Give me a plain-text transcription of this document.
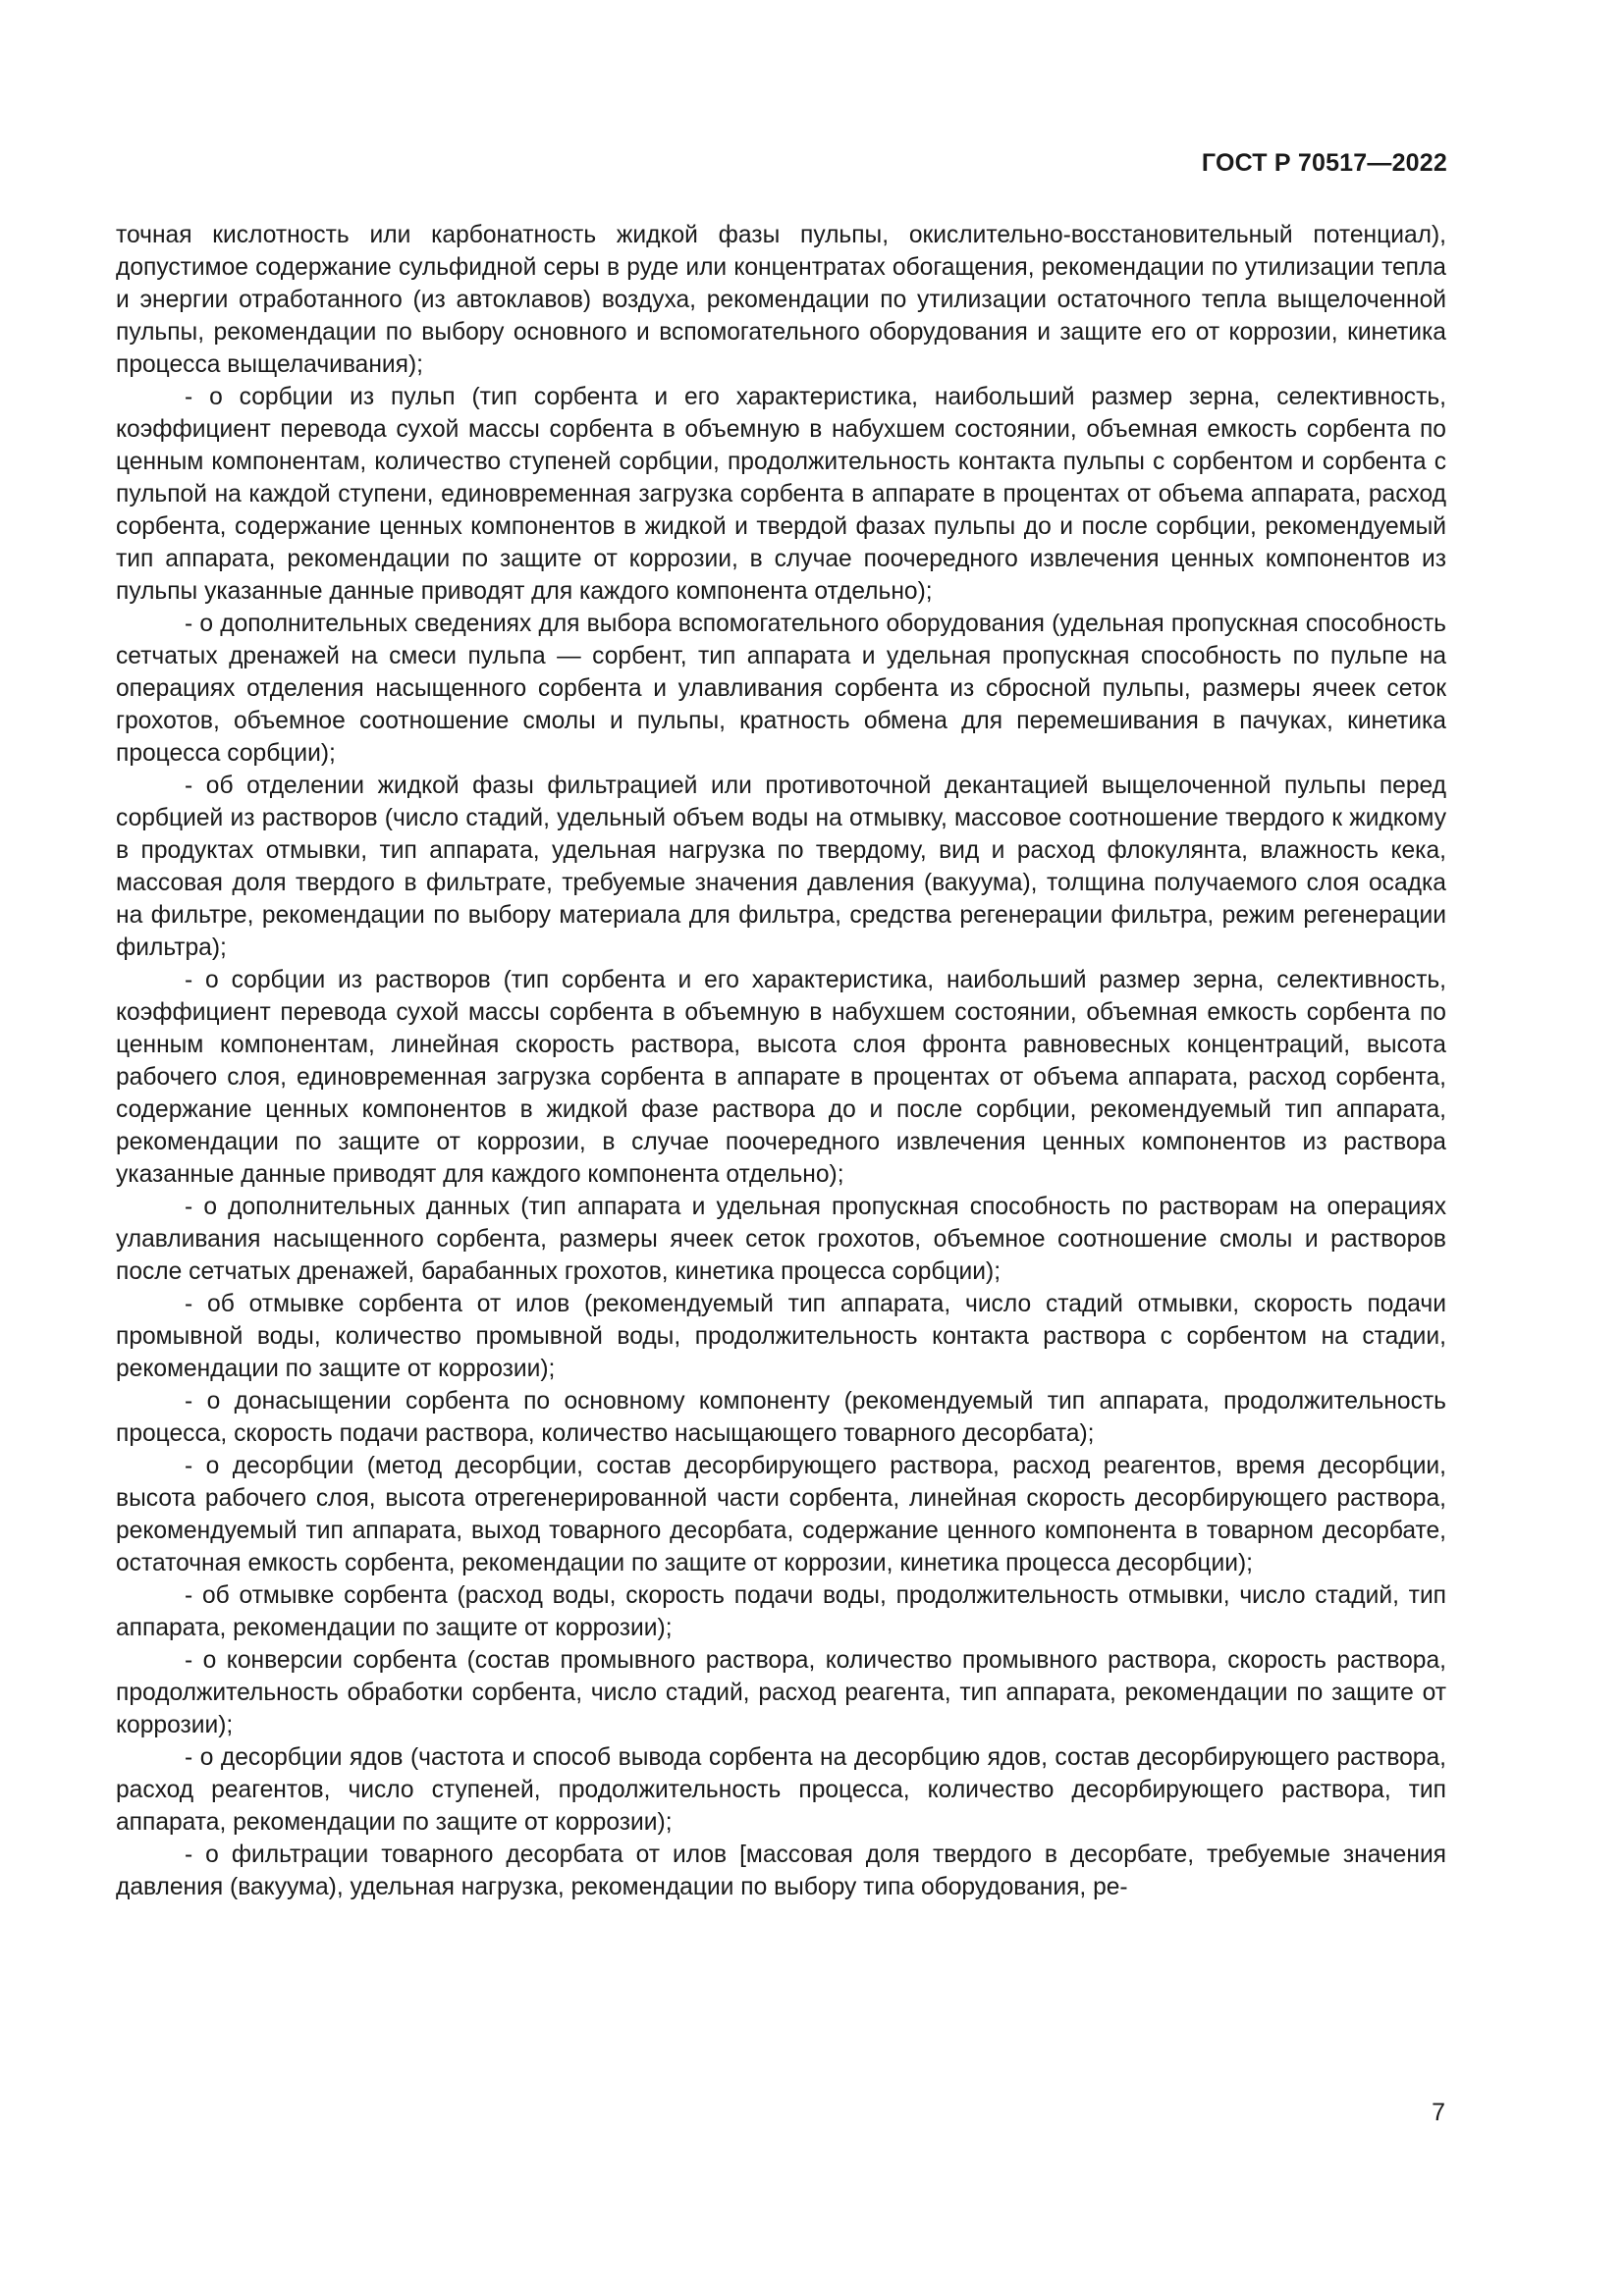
ГОСТ Р 70517—2022

точная кислотность или карбонатность жидкой фазы пульпы, окислительно-восстановительный потенциал), допустимое содержание сульфидной серы в руде или концентратах обогащения, рекомендации по утилизации тепла и энергии отработанного (из автоклавов) воздуха, рекомендации по утилизации остаточного тепла выщелоченной пульпы, рекомендации по выбору основного и вспомогательного оборудования и защите его от коррозии, кинетика процесса выщелачивания);

- о сорбции из пульп (тип сорбента и его характеристика, наибольший размер зерна, селективность, коэффициент перевода сухой массы сорбента в объемную в набухшем состоянии, объемная емкость сорбента по ценным компонентам, количество ступеней сорбции, продолжительность контакта пульпы с сорбентом и сорбента с пульпой на каждой ступени, единовременная загрузка сорбента в аппарате в процентах от объема аппарата, расход сорбента, содержание ценных компонентов в жидкой и твердой фазах пульпы до и после сорбции, рекомендуемый тип аппарата, рекомендации по защите от коррозии, в случае поочередного извлечения ценных компонентов из пульпы указанные данные приводят для каждого компонента отдельно);

- о дополнительных сведениях для выбора вспомогательного оборудования (удельная пропускная способность сетчатых дренажей на смеси пульпа — сорбент, тип аппарата и удельная пропускная способность по пульпе на операциях отделения насыщенного сорбента и улавливания сорбента из сбросной пульпы, размеры ячеек сеток грохотов, объемное соотношение смолы и пульпы, кратность обмена для перемешивания в пачуках, кинетика процесса сорбции);

- об отделении жидкой фазы фильтрацией или противоточной декантацией выщелоченной пульпы перед сорбцией из растворов (число стадий, удельный объем воды на отмывку, массовое соотношение твердого к жидкому в продуктах отмывки, тип аппарата, удельная нагрузка по твердому, вид и расход флокулянта, влажность кека, массовая доля твердого в фильтрате, требуемые значения давления (вакуума), толщина получаемого слоя осадка на фильтре, рекомендации по выбору материала для фильтра, средства регенерации фильтра, режим регенерации фильтра);

- о сорбции из растворов (тип сорбента и его характеристика, наибольший размер зерна, селективность, коэффициент перевода сухой массы сорбента в объемную в набухшем состоянии, объемная емкость сорбента по ценным компонентам, линейная скорость раствора, высота слоя фронта равновесных концентраций, высота рабочего слоя, единовременная загрузка сорбента в аппарате в процентах от объема аппарата, расход сорбента, содержание ценных компонентов в жидкой фазе раствора до и после сорбции, рекомендуемый тип аппарата, рекомендации по защите от коррозии, в случае поочередного извлечения ценных компонентов из раствора указанные данные приводят для каждого компонента отдельно);

- о дополнительных данных (тип аппарата и удельная пропускная способность по растворам на операциях улавливания насыщенного сорбента, размеры ячеек сеток грохотов, объемное соотношение смолы и растворов после сетчатых дренажей, барабанных грохотов, кинетика процесса сорбции);

- об отмывке сорбента от илов (рекомендуемый тип аппарата, число стадий отмывки, скорость подачи промывной воды, количество промывной воды, продолжительность контакта раствора с сорбентом на стадии, рекомендации по защите от коррозии);

- о донасыщении сорбента по основному компоненту (рекомендуемый тип аппарата, продолжительность процесса, скорость подачи раствора, количество насыщающего товарного десорбата);

- о десорбции (метод десорбции, состав десорбирующего раствора, расход реагентов, время десорбции, высота рабочего слоя, высота отрегенерированной части сорбента, линейная скорость десорбирующего раствора, рекомендуемый тип аппарата, выход товарного десорбата, содержание ценного компонента в товарном десорбате, остаточная емкость сорбента, рекомендации по защите от коррозии, кинетика процесса десорбции);

- об отмывке сорбента (расход воды, скорость подачи воды, продолжительность отмывки, число стадий, тип аппарата, рекомендации по защите от коррозии);

- о конверсии сорбента (состав промывного раствора, количество промывного раствора, скорость раствора, продолжительность обработки сорбента, число стадий, расход реагента, тип аппарата, рекомендации по защите от коррозии);

- о десорбции ядов (частота и способ вывода сорбента на десорбцию ядов, состав десорбирующего раствора, расход реагентов, число ступеней, продолжительность процесса, количество десорбирующего раствора, тип аппарата, рекомендации по защите от коррозии);

- о фильтрации товарного десорбата от илов [массовая доля твердого в десорбате, требуемые значения давления (вакуума), удельная нагрузка, рекомендации по выбору типа оборудования, ре-

7
